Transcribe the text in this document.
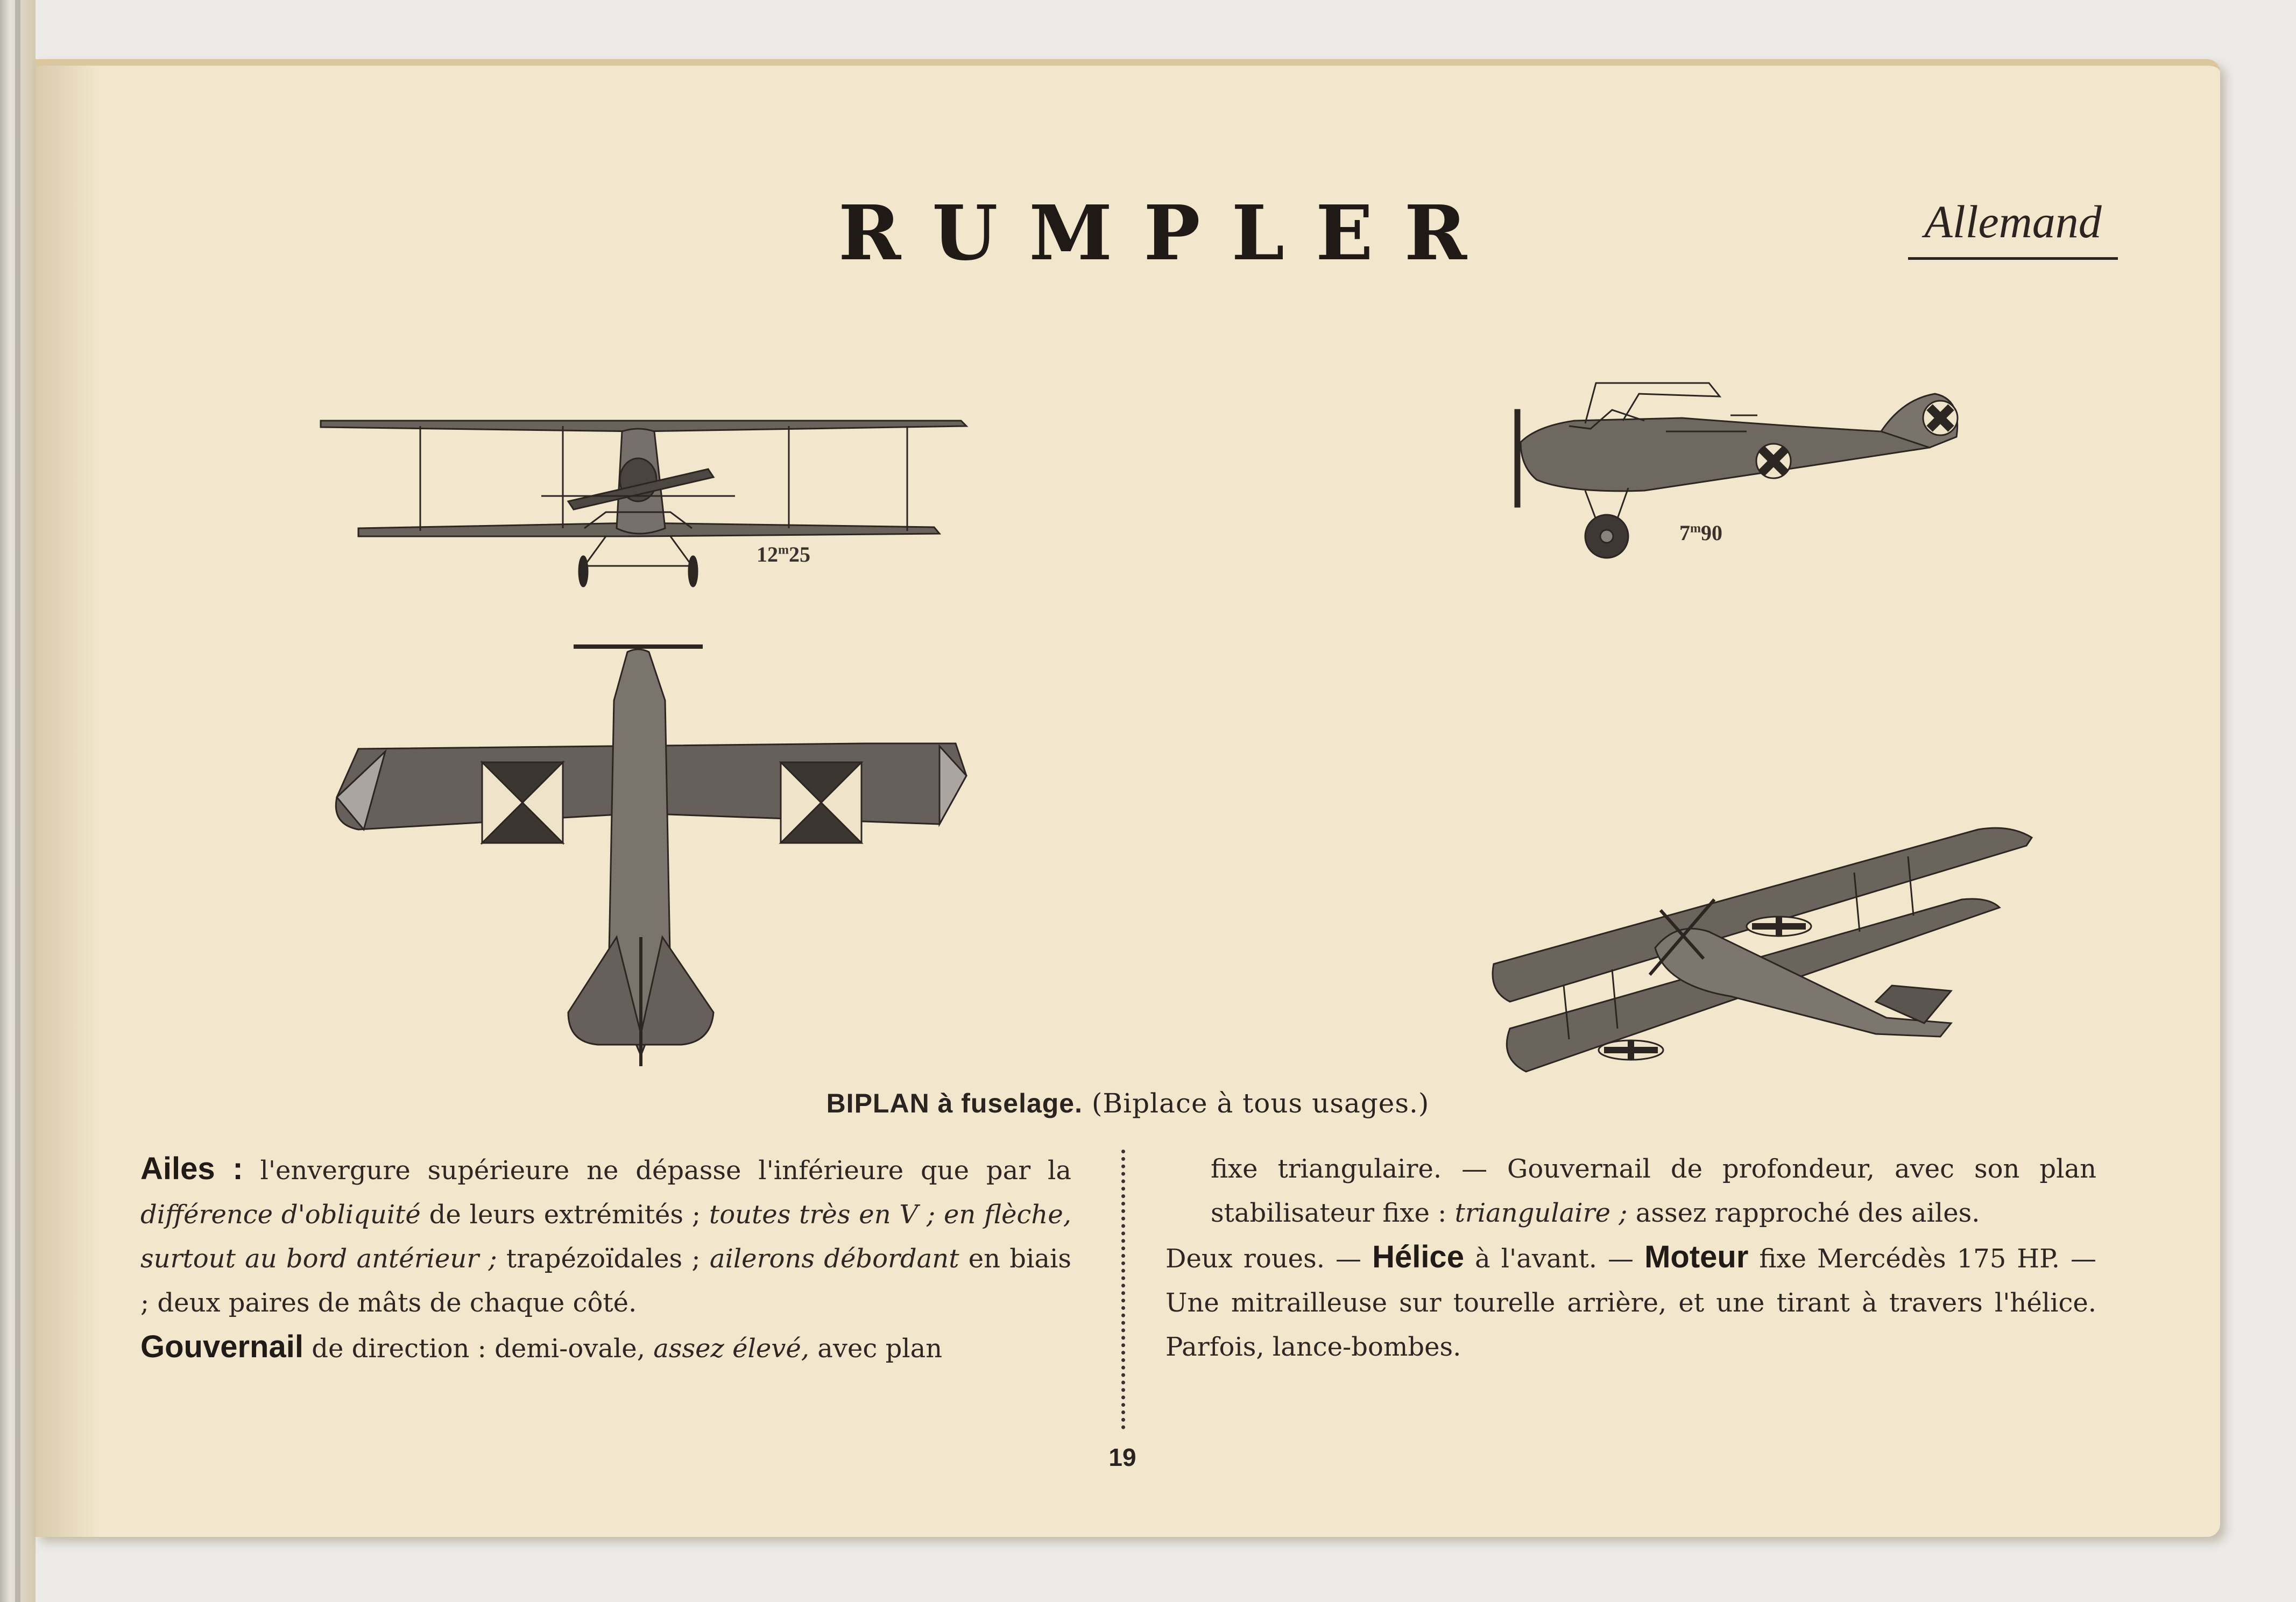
RUMPLER	Allemand
12$^m$25
7$^m$90
BIPLAN à fuselage. (Biplace à tous usages.)

Ailes : l'envergure supérieure ne dépasse l'inférieure que par la différence d'obliquité de leurs extrémités ; toutes très en V ; en flèche, surtout au bord antérieur ; trapézoïdales ; ailerons débordant en biais ; deux paires de mâts de chaque côté.

Gouvernail de direction : demi-ovale, assez élevé, avec plan

fixe triangulaire. — Gouvernail de profondeur, avec son plan stabilisateur fixe : triangulaire ; assez rapproché des ailes.

Deux roues. — Hélice à l'avant. — Moteur fixe Mercédès 175 HP. — Une mitrailleuse sur tourelle arrière, et une tirant à travers l'hélice. Parfois, lance-bombes.

19
